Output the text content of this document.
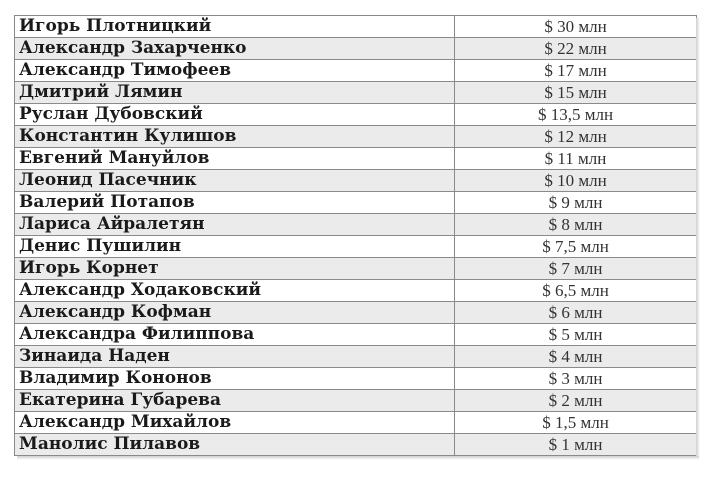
Игорь Плотницкий	$ 30 млн
Александр Захарченко	$ 22 млн
Александр Тимофеев	$ 17 млн
Дмитрий Лямин	$ 15 млн
Руслан Дубовский	$ 13,5 млн
Константин Кулишов	$ 12 млн
Евгений Мануйлов	$ 11 млн
Леонид Пасечник	$ 10 млн
Валерий Потапов	$ 9 млн
Лариса Айралетян	$ 8 млн
Денис Пушилин	$ 7,5 млн
Игорь Корнет	$ 7 млн
Александр Ходаковский	$ 6,5 млн
Александр Кофман	$ 6 млн
Александра Филиппова	$ 5 млн
Зинаида Наден	$ 4 млн
Владимир Кононов	$ 3 млн
Екатерина Губарева	$ 2 млн
Александр Михайлов	$ 1,5 млн
Манолис Пилавов	$ 1 млн
